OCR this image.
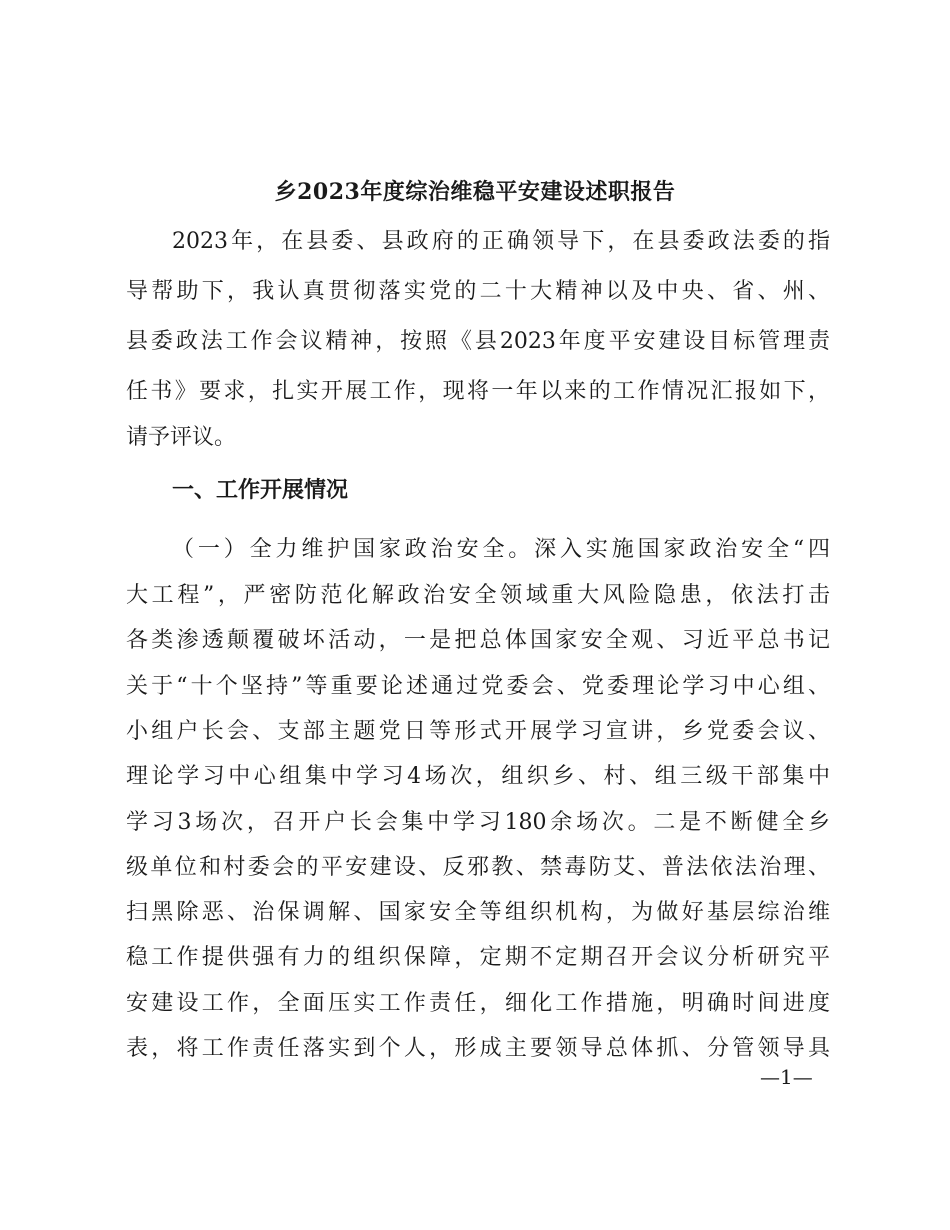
乡2023年度综治维稳平安建设述职报告
2023年，在县委、县政府的正确领导下，在县委政法委的指
导帮助下，我认真贯彻落实党的二十大精神以及中央、省、州、
县委政法工作会议精神，按照《县2023年度平安建设目标管理责
任书》要求，扎实开展工作，现将一年以来的工作情况汇报如下，
请予评议。
一、工作开展情况
（一）全力维护国家政治安全。深入实施国家政治安全“四
大工程”，严密防范化解政治安全领域重大风险隐患，依法打击
各类渗透颠覆破坏活动，一是把总体国家安全观、习近平总书记
关于“十个坚持”等重要论述通过党委会、党委理论学习中心组、
小组户长会、支部主题党日等形式开展学习宣讲，乡党委会议、
理论学习中心组集中学习4场次，组织乡、村、组三级干部集中
学习3场次，召开户长会集中学习180余场次。二是不断健全乡
级单位和村委会的平安建设、反邪教、禁毒防艾、普法依法治理、
扫黑除恶、治保调解、国家安全等组织机构，为做好基层综治维
稳工作提供强有力的组织保障，定期不定期召开会议分析研究平
安建设工作，全面压实工作责任，细化工作措施，明确时间进度
表，将工作责任落实到个人，形成主要领导总体抓、分管领导具
—1—
